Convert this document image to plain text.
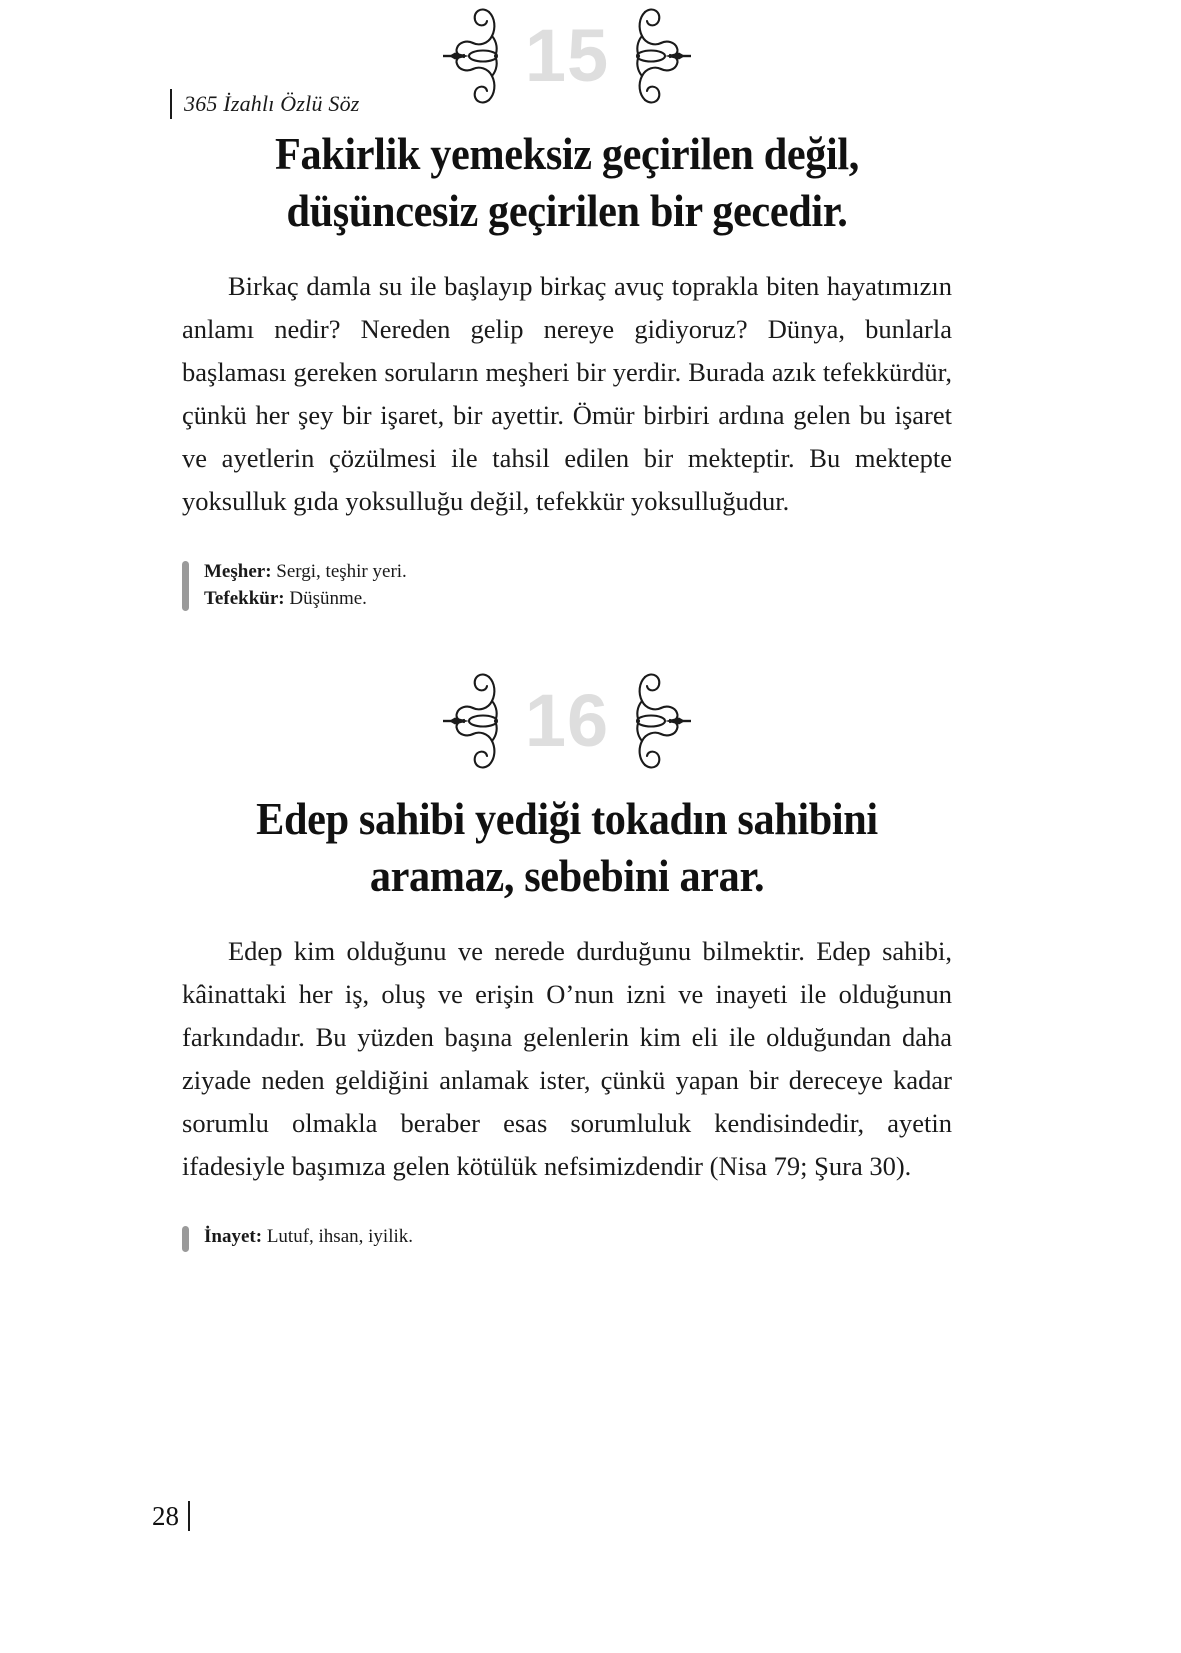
365 İzahlı Özlü Söz
15
Fakirlik yemeksiz geçirilen değil, düşüncesiz geçirilen bir gecedir.

Birkaç damla su ile başlayıp birkaç avuç toprakla biten hayatımızın anlamı nedir? Nereden gelip nereye gidiyoruz? Dünya, bunlarla başlaması gereken soruların meşheri bir yerdir. Burada azık tefekkürdür, çünkü her şey bir işaret, bir ayettir. Ömür birbiri ardına gelen bu işaret ve ayetlerin çözülmesi ile tahsil edilen bir mekteptir. Bu mektepte yoksulluk gıda yoksulluğu değil, tefekkür yoksulluğudur.

Meşher: Sergi, teşhir yeri.
Tefekkür: Düşünme.
16
Edep sahibi yediği tokadın sahibini aramaz, sebebini arar.

Edep kim olduğunu ve nerede durduğunu bilmektir. Edep sahibi, kâinattaki her iş, oluş ve erişin O’nun izni ve inayeti ile olduğunun farkındadır. Bu yüzden başına gelenlerin kim eli ile olduğundan daha ziyade neden geldiğini anlamak ister, çünkü yapan bir dereceye kadar sorumlu olmakla beraber esas sorumluluk kendisindedir, ayetin ifadesiyle başımıza gelen kötülük nefsimizdendir (Nisa 79; Şura 30).

İnayet: Lutuf, ihsan, iyilik.
28
